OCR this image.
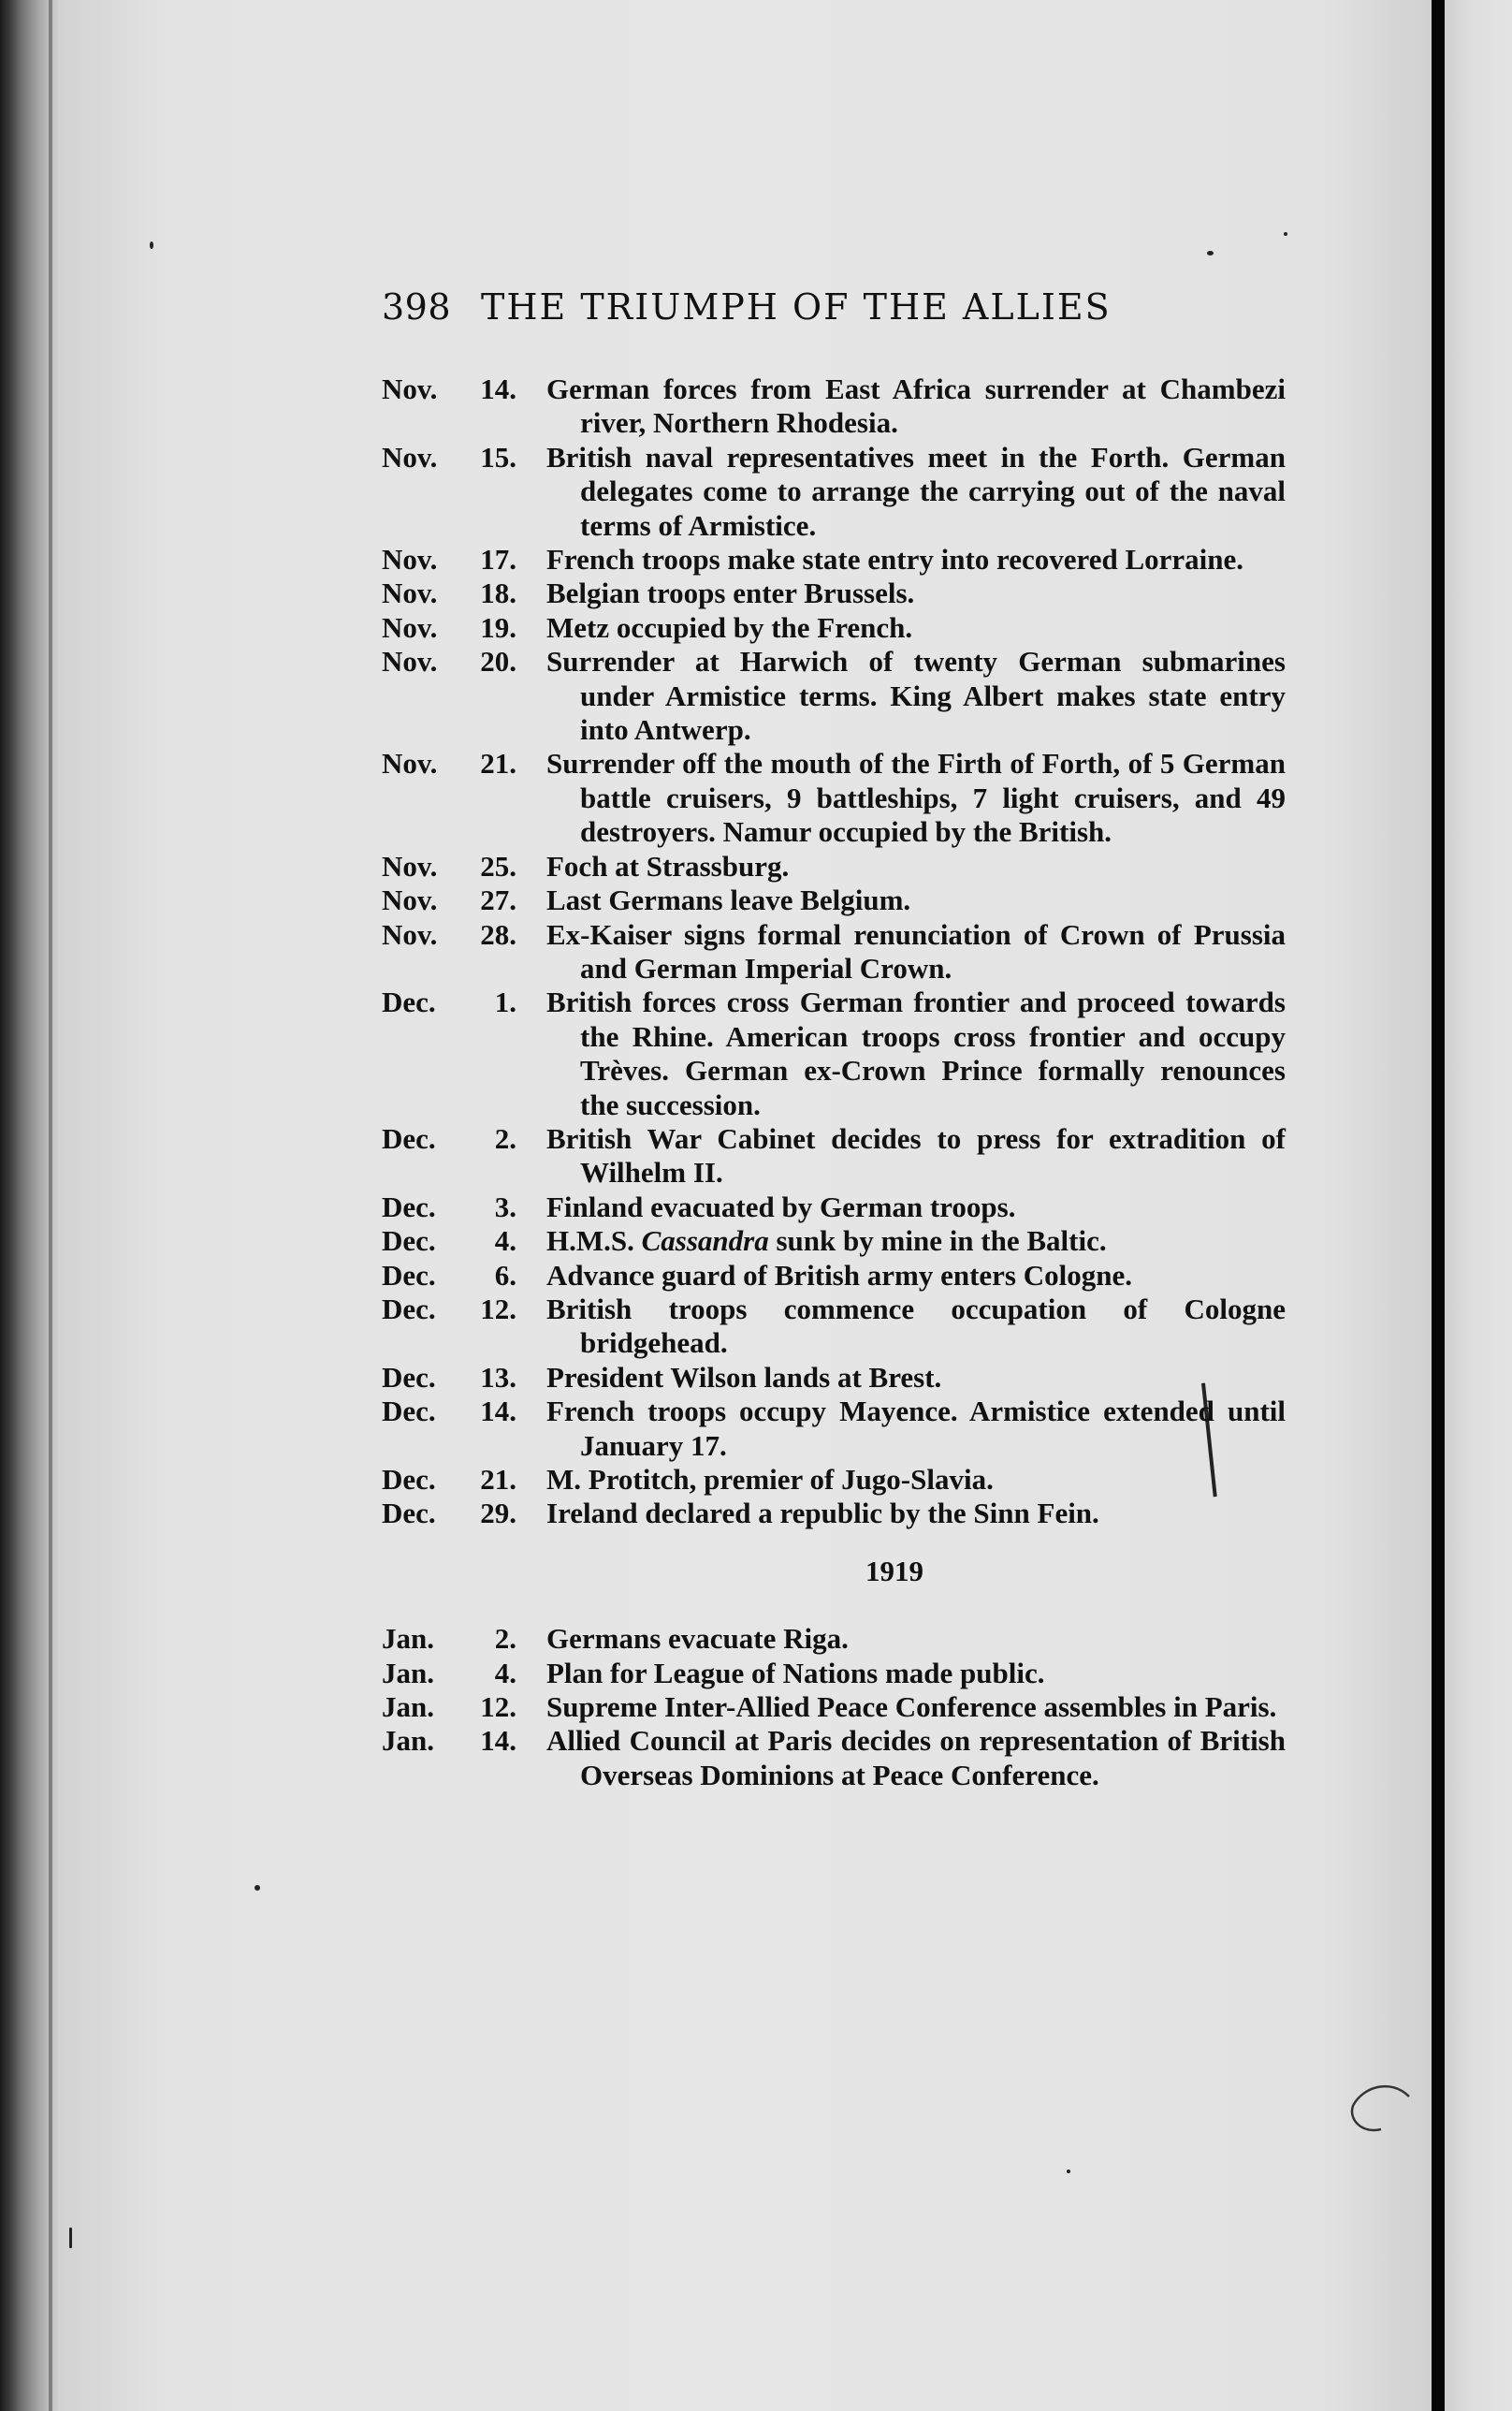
398 THE TRIUMPH OF THE ALLIES
Nov. 14.	German forces from East Africa surrender at Chambezi river, Northern Rhodesia.
Nov. 15.	British naval representatives meet in the Forth. German delegates come to arrange the carrying out of the naval terms of Armistice.
Nov. 17.	French troops make state entry into recovered Lorraine.
Nov. 18.	Belgian troops enter Brussels.
Nov. 19.	Metz occupied by the French.
Nov. 20.	Surrender at Harwich of twenty German submarines under Armistice terms. King Albert makes state entry into Antwerp.
Nov. 21.	Surrender off the mouth of the Firth of Forth, of 5 German battle cruisers, 9 battleships, 7 light cruisers, and 49 destroyers. Namur occupied by the British.
Nov. 25.	Foch at Strassburg.
Nov. 27.	Last Germans leave Belgium.
Nov. 28.	Ex-Kaiser signs formal renunciation of Crown of Prussia and German Imperial Crown.
Dec. 1.	British forces cross German frontier and proceed towards the Rhine. American troops cross frontier and occupy Trèves. German ex-Crown Prince formally renounces the succession.
Dec. 2.	British War Cabinet decides to press for extradition of Wilhelm II.
Dec. 3.	Finland evacuated by German troops.
Dec. 4.	H.M.S. Cassandra sunk by mine in the Baltic.
Dec. 6.	Advance guard of British army enters Cologne.
Dec. 12.	British troops commence occupation of Cologne bridgehead.
Dec. 13.	President Wilson lands at Brest.
Dec. 14.	French troops occupy Mayence. Armistice extended until January 17.
Dec. 21.	M. Protitch, premier of Jugo-Slavia.
Dec. 29.	Ireland declared a republic by the Sinn Fein.
1919
Jan. 2.	Germans evacuate Riga.
Jan. 4.	Plan for League of Nations made public.
Jan. 12.	Supreme Inter-Allied Peace Conference assembles in Paris.
Jan. 14.	Allied Council at Paris decides on representation of British Overseas Dominions at Peace Conference.
